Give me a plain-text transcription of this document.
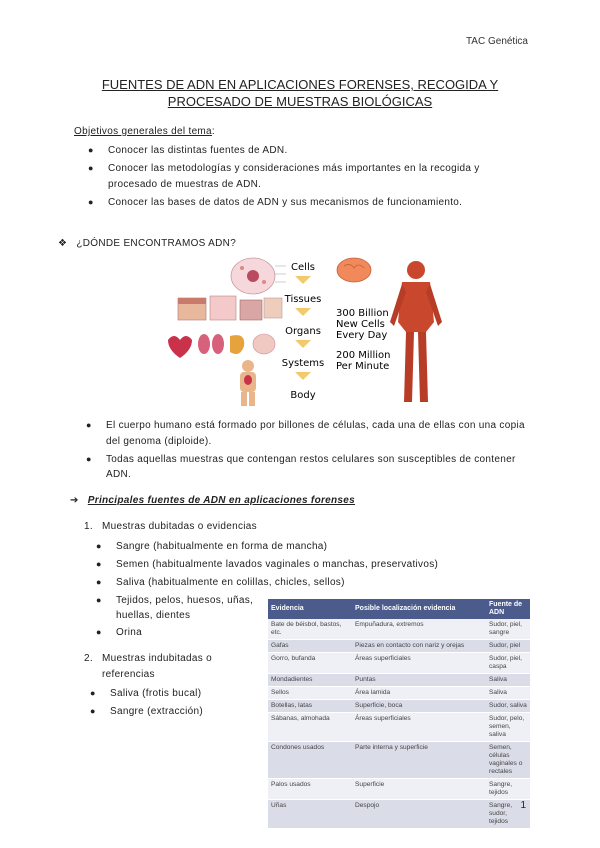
TAC Genética
FUENTES DE ADN EN APLICACIONES FORENSES, RECOGIDA Y
PROCESADO DE MUESTRAS BIOLÓGICAS
Objetivos generales del tema:
● Conocer las distintas fuentes de ADN.
● Conocer las metodologías y consideraciones más importantes en la recogida y
procesado de muestras de ADN.
● Conocer las bases de datos de ADN y sus mecanismos de funcionamiento.
❖ ¿DÓNDE ENCONTRAMOS ADN?
Cells
Tissues
Organs
Systems
Body
300 Billion
New Cells
Every Day
200 Million
Per Minute
● El cuerpo humano está formado por billones de células, cada una de ellas con una copia
del genoma (diploide).
● Todas aquellas muestras que contengan restos celulares son susceptibles de contener
ADN.
➔ Principales fuentes de ADN en aplicaciones forenses
1. Muestras dubitadas o evidencias
● Sangre (habitualmente en forma de mancha)
● Semen (habitualmente lavados vaginales o manchas, preservativos)
● Saliva (habitualmente en colillas, chicles, sellos)
● Tejidos, pelos, huesos, uñas,
huellas, dientes
● Orina
2. Muestras indubitadas o
referencias
● Saliva (frotis bucal)
● Sangre (extracción)
Evidencia	Posible localización evidencia	Fuente de ADN
Bate de béisbol, bastos, etc.	Empuñadura, extremos	Sudor, piel, sangre
Gafas	Piezas en contacto con nariz y orejas	Sudor, piel
Gorro, bufanda	Áreas superficiales	Sudor, piel, caspa
Mondadientes	Puntas	Saliva
Sellos	Área lamida	Saliva
Botellas, latas	Superficie, boca	Sudor, saliva
Sábanas, almohada	Áreas superficiales	Sudor, pelo, semen, saliva
Condones usados	Parte interna y superficie	Semen, células vaginales o rectales
Palos usados	Superficie	Sangre, tejidos
Uñas	Despojo	Sangre, sudor, tejidos
1
